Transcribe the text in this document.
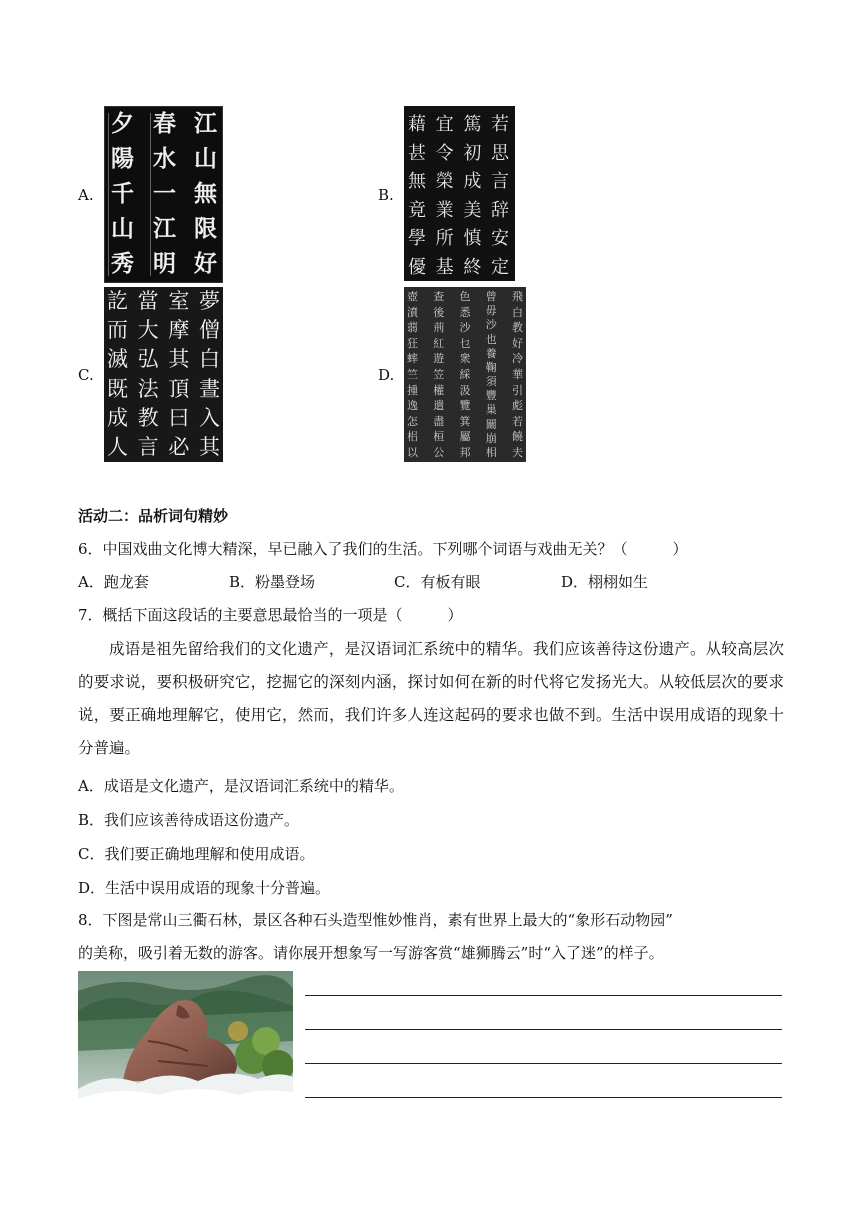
A.	B.
C.	D.
江
山
無
限
好
春
水
一
江
明
夕
陽
千
山
秀
若
思
言
辞
安
定
篤
初
成
美
慎
終
宜
令
榮
業
所
基
藉
甚
無
竟
學
優
夢
僧
白
晝
入
其
室
摩
其
頂
曰
必
當
大
弘
法
教
言
訖
而
滅
既
成
人
飛
白
教
好
冷
華
引
彪
若
饒
夫
曾
毋
沙
也
養
鞠
須
豐
巢
關
崩
相
色
悉
沙
乜
衆
綵
汲
覽
箕
屬
邦
查
後
荊
紅
遊
笠
權
遣
盡
桓
公
壺
濆
蒻
狂
蟀
竺
揰
逸
怎
梠
以
活动二：品析词句精妙
6．中国戏曲文化博大精深，早已融入了我们的生活。下列哪个词语与戏曲无关？（　　　）
A．跑龙套	B．粉墨登场	C．有板有眼	D．栩栩如生
7．概括下面这段话的主要意思最恰当的一项是（　　　）
成语是祖先留给我们的文化遗产，是汉语词汇系统中的精华。我们应该善待这份遗产。从较高层次的要求说，要积极研究它，挖掘它的深刻内涵，探讨如何在新的时代将它发扬光大。从较低层次的要求说，要正确地理解它，使用它，然而，我们许多人连这起码的要求也做不到。生活中误用成语的现象十分普遍。
A．成语是文化遗产，是汉语词汇系统中的精华。
B．我们应该善待成语这份遗产。
C．我们要正确地理解和使用成语。
D．生活中误用成语的现象十分普遍。
8．下图是常山三衢石林，景区各种石头造型惟妙惟肖，素有世界上最大的“象形石动物园”
的美称，吸引着无数的游客。请你展开想象写一写游客赏“雄狮腾云”时“入了迷”的样子。
